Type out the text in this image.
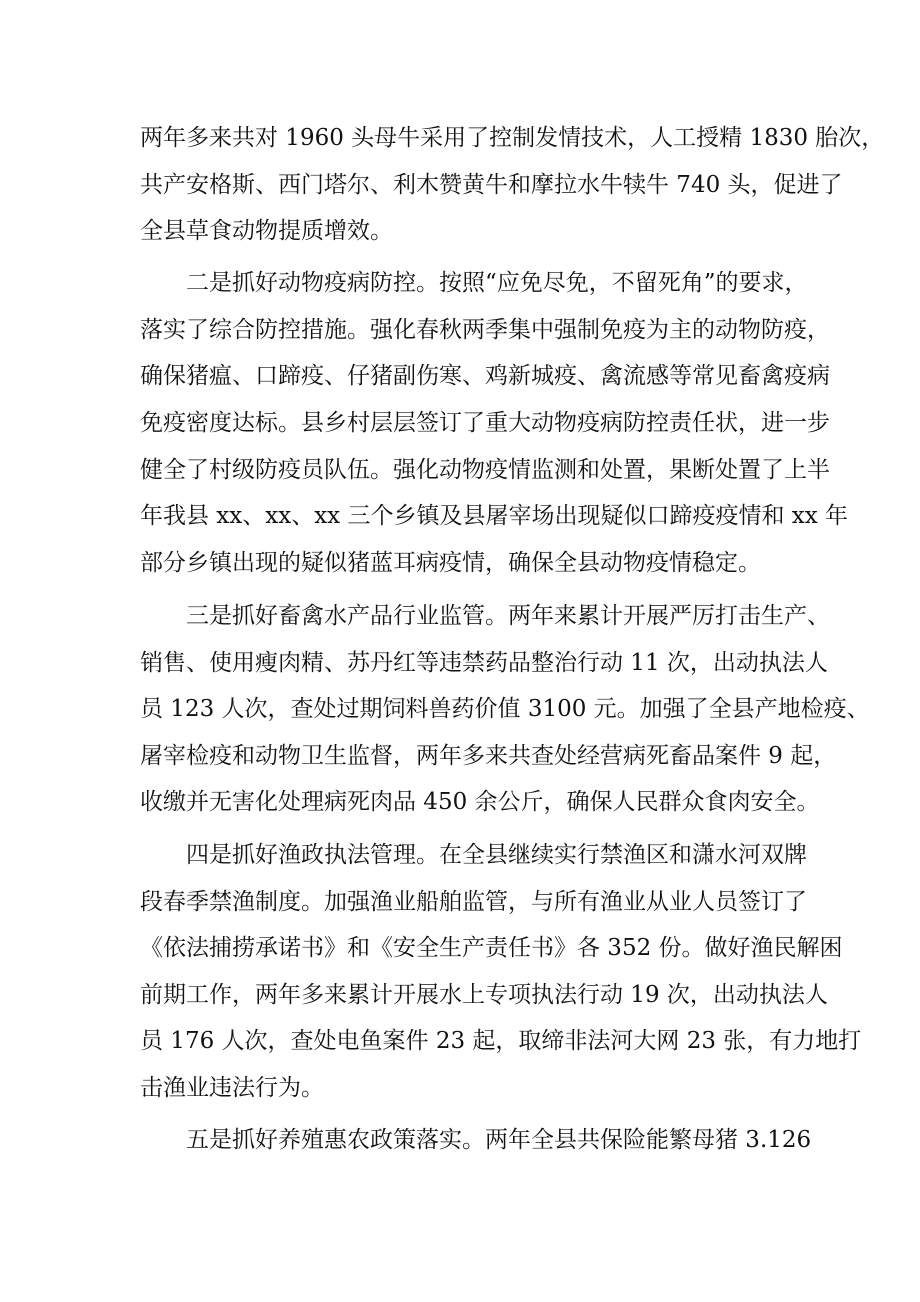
两年多来共对 1960 头母牛采用了控制发情技术，人工授精 1830 胎次，
共产安格斯、西门塔尔、利木赞黄牛和摩拉水牛犊牛 740 头，促进了
全县草食动物提质增效。
二是抓好动物疫病防控。按照“应免尽免，不留死角”的要求，
落实了综合防控措施。强化春秋两季集中强制免疫为主的动物防疫，
确保猪瘟、口蹄疫、仔猪副伤寒、鸡新城疫、禽流感等常见畜禽疫病
免疫密度达标。县乡村层层签订了重大动物疫病防控责任状，进一步
健全了村级防疫员队伍。强化动物疫情监测和处置，果断处置了上半
年我县 xx、xx、xx 三个乡镇及县屠宰场出现疑似口蹄疫疫情和 xx 年
部分乡镇出现的疑似猪蓝耳病疫情，确保全县动物疫情稳定。
三是抓好畜禽水产品行业监管。两年来累计开展严厉打击生产、
销售、使用瘦肉精、苏丹红等违禁药品整治行动 11 次，出动执法人
员 123 人次，查处过期饲料兽药价值 3100 元。加强了全县产地检疫、
屠宰检疫和动物卫生监督，两年多来共查处经营病死畜品案件 9 起，
收缴并无害化处理病死肉品 450 余公斤，确保人民群众食肉安全。
四是抓好渔政执法管理。在全县继续实行禁渔区和潇水河双牌
段春季禁渔制度。加强渔业船舶监管，与所有渔业从业人员签订了
《依法捕捞承诺书》和《安全生产责任书》各 352 份。做好渔民解困
前期工作，两年多来累计开展水上专项执法行动 19 次，出动执法人
员 176 人次，查处电鱼案件 23 起，取缔非法河大网 23 张，有力地打
击渔业违法行为。
五是抓好养殖惠农政策落实。两年全县共保险能繁母猪 3.126
